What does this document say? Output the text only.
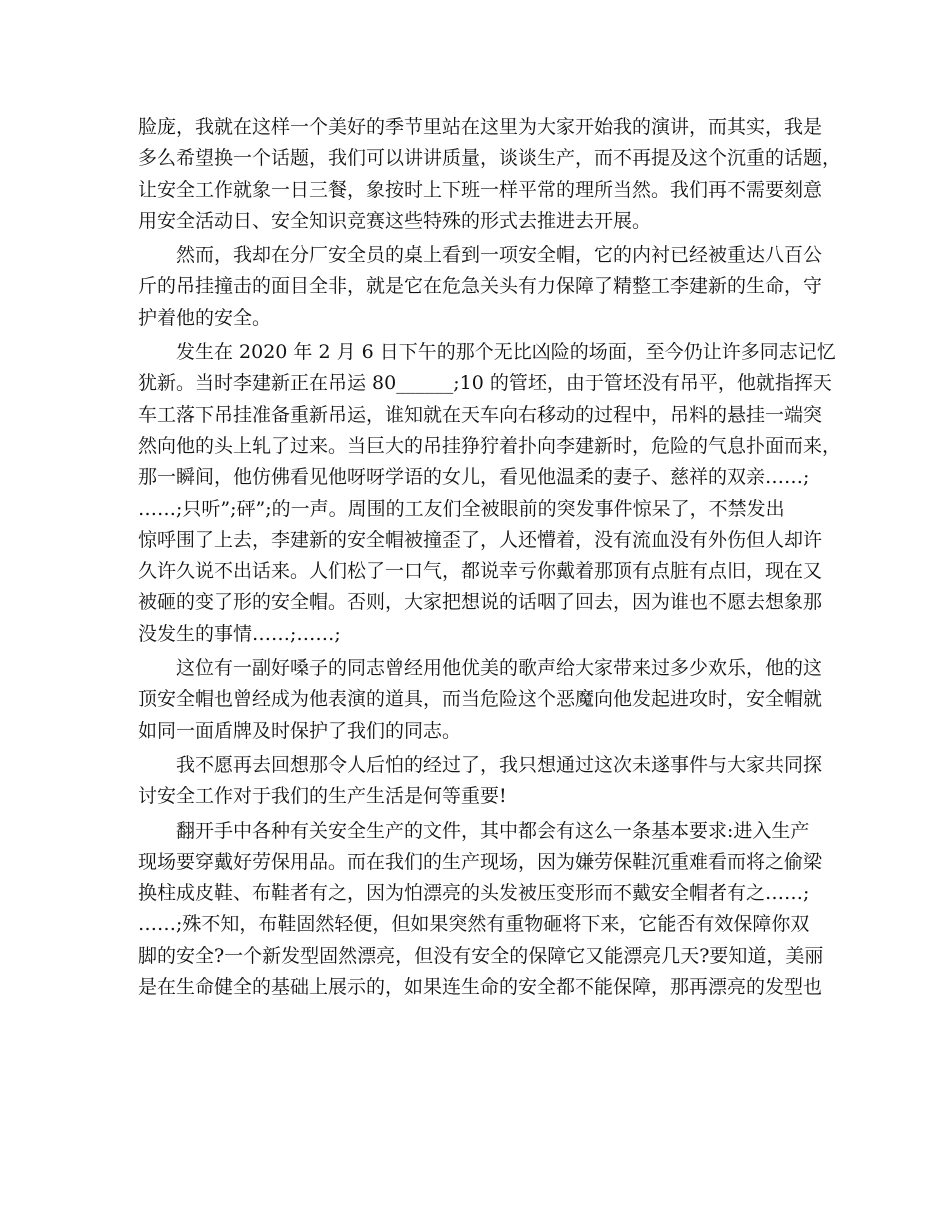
脸庞，我就在这样一个美好的季节里站在这里为大家开始我的演讲，而其实，我是
多么希望换一个话题，我们可以讲讲质量，谈谈生产，而不再提及这个沉重的话题，
让安全工作就象一日三餐，象按时上下班一样平常的理所当然。我们再不需要刻意
用安全活动日、安全知识竞赛这些特殊的形式去推进去开展。
　　然而，我却在分厂安全员的桌上看到一项安全帽，它的内衬已经被重达八百公
斤的吊挂撞击的面目全非，就是它在危急关头有力保障了精整工李建新的生命，守
护着他的安全。
　　发生在 2020 年 2 月 6 日下午的那个无比凶险的场面，至今仍让许多同志记忆
犹新。当时李建新正在吊运 80______;10 的管坯，由于管坯没有吊平，他就指挥天
车工落下吊挂准备重新吊运，谁知就在天车向右移动的过程中，吊料的悬挂一端突
然向他的头上轧了过来。当巨大的吊挂狰狞着扑向李建新时，危险的气息扑面而来，
那一瞬间，他仿佛看见他呀呀学语的女儿，看见他温柔的妻子、慈祥的双亲……;
……;只听”;砰”;的一声。周围的工友们全被眼前的突发事件惊呆了，不禁发出
惊呼围了上去，李建新的安全帽被撞歪了，人还懵着，没有流血没有外伤但人却许
久许久说不出话来。人们松了一口气，都说幸亏你戴着那顶有点脏有点旧，现在又
被砸的变了形的安全帽。否则，大家把想说的话咽了回去，因为谁也不愿去想象那
没发生的事情……;……;
　　这位有一副好嗓子的同志曾经用他优美的歌声给大家带来过多少欢乐，他的这
顶安全帽也曾经成为他表演的道具，而当危险这个恶魔向他发起进攻时，安全帽就
如同一面盾牌及时保护了我们的同志。
　　我不愿再去回想那令人后怕的经过了，我只想通过这次未遂事件与大家共同探
讨安全工作对于我们的生产生活是何等重要!
　　翻开手中各种有关安全生产的文件，其中都会有这么一条基本要求:进入生产
现场要穿戴好劳保用品。而在我们的生产现场，因为嫌劳保鞋沉重难看而将之偷梁
换柱成皮鞋、布鞋者有之，因为怕漂亮的头发被压变形而不戴安全帽者有之……;
……;殊不知，布鞋固然轻便，但如果突然有重物砸将下来，它能否有效保障你双
脚的安全?一个新发型固然漂亮，但没有安全的保障它又能漂亮几天?要知道，美丽
是在生命健全的基础上展示的，如果连生命的安全都不能保障，那再漂亮的发型也
